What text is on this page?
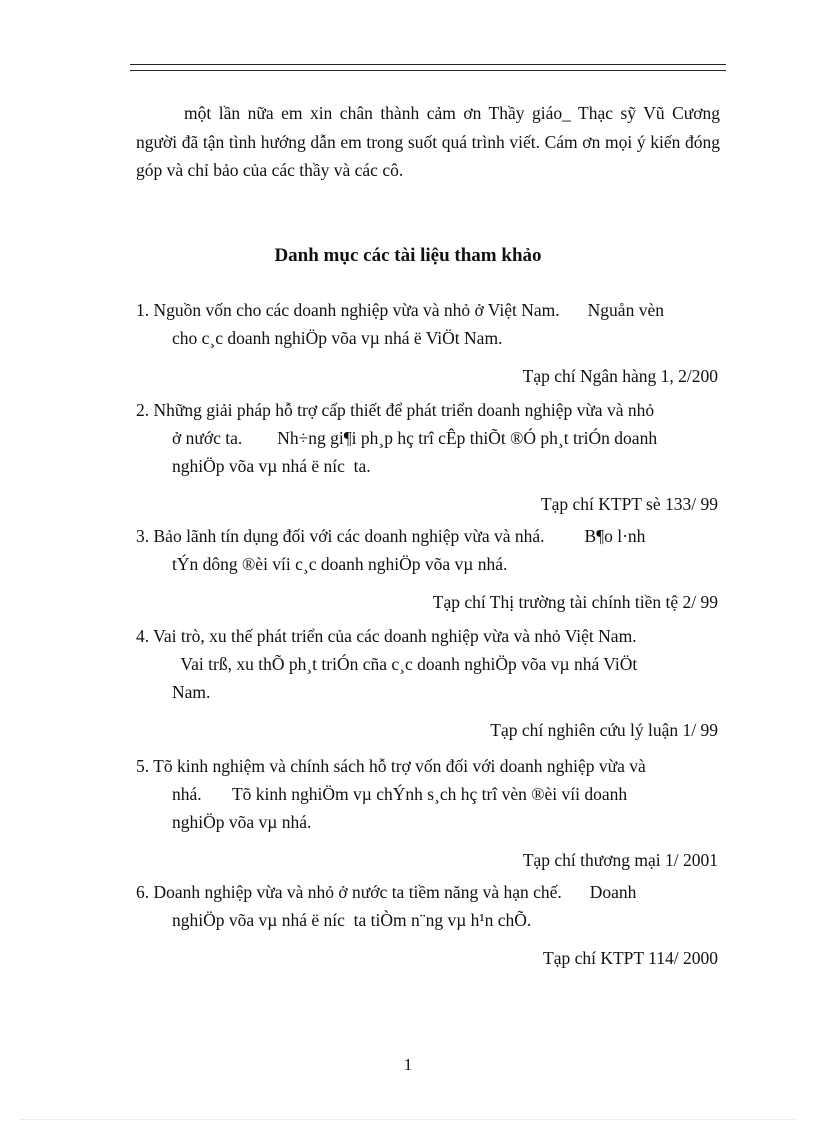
một lần nữa em xin chân thành cảm ơn Thầy giáo_ Thạc sỹ Vũ Cương người đã tận tình hướng dẫn em trong suốt quá trình viết. Cám ơn mọi ý kiến đóng góp và chỉ bảo của các thầy và các cô.
Danh mục các tài liệu tham khảo
1. Nguồn vốn cho các doanh nghiệp vừa và nhỏ ở Việt Nam. Nguån vèn
cho c¸c doanh nghiÖp võa vµ nhá ë ViÖt Nam.
Tạp chí Ngân hàng 1, 2/200
2. Những giải pháp hỗ trợ cấp thiết để phát triển doanh nghiệp vừa và nhỏ
ở nước ta.        Nh÷ng gi¶i ph¸p hç trî cÊp thiÕt ®Ó ph¸t triÓn doanh
nghiÖp võa vµ nhá ë níc  ta.
Tạp chí KTPT sè 133/ 99
3. Bảo lãnh tín dụng đối với các doanh nghiệp vừa và nhá. B¶o l·nh
tÝn dông ®èi víi c¸c doanh nghiÖp võa vµ nhá.
Tạp chí Thị trường tài chính tiền tệ 2/ 99
4. Vai trò, xu thế phát triển của các doanh nghiệp vừa và nhỏ Việt Nam.
Vai trß, xu thÕ ph¸t triÓn cña c¸c doanh nghiÖp võa vµ nhá ViÖt
Nam.
Tạp chí nghiên cứu lý luận 1/ 99
5. Tõ kinh nghiệm và chính sách hỗ trợ vốn đối với doanh nghiệp vừa và
nhá.       Tõ kinh nghiÖm vµ chÝnh s¸ch hç trî vèn ®èi víi doanh
nghiÖp võa vµ nhá.
Tạp chí thương mại 1/ 2001
6. Doanh nghiệp vừa và nhỏ ở nước ta tiềm năng và hạn chế. Doanh
nghiÖp võa vµ nhá ë níc  ta tiÒm n¨ng vµ h¹n chÕ.
Tạp chí KTPT 114/ 2000
1
